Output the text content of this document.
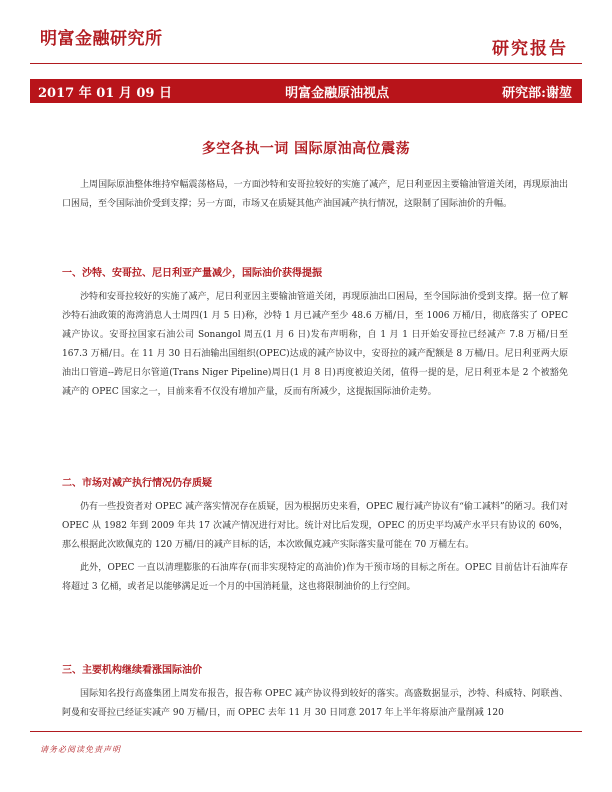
明富金融研究所	研究报告
2017 年 01 月 09 日	明富金融原油视点	研究部:谢堃
多空各执一词 国际原油高位震荡

上周国际原油整体维持窄幅震荡格局，一方面沙特和安哥拉较好的实施了减产，尼日利亚因主要输油管道关闭，再现原油出口困局，至令国际油价受到支撑；另一方面，市场又在质疑其他产油国减产执行情况，这限制了国际油价的升幅。

一、沙特、安哥拉、尼日利亚产量减少，国际油价获得提振

沙特和安哥拉较好的实施了减产，尼日利亚因主要输油管道关闭，再现原油出口困局，至令国际油价受到支撑。据一位了解沙特石油政策的海湾消息人士周四(1 月 5 日)称，沙特 1 月已减产至少 48.6 万桶/日，至 1006 万桶/日，彻底落实了 OPEC 减产协议。安哥拉国家石油公司 Sonangol 周五(1 月 6 日)发布声明称，自 1 月 1 日开始安哥拉已经减产 7.8 万桶/日至 167.3 万桶/日。在 11 月 30 日石油输出国组织(OPEC)达成的减产协议中，安哥拉的减产配额是 8 万桶/日。尼日利亚两大原油出口管道--跨尼日尔管道(Trans Niger Pipeline)周日(1 月 8 日)再度被迫关闭，值得一提的是，尼日利亚本是 2 个被豁免减产的 OPEC 国家之一，目前来看不仅没有增加产量，反而有所减少，这提振国际油价走势。

二、市场对减产执行情况仍存质疑

仍有一些投资者对 OPEC 减产落实情况存在质疑，因为根据历史来看，OPEC 履行减产协议有“偷工减料”的陋习。我们对 OPEC 从 1982 年到 2009 年共 17 次减产情况进行对比。统计对比后发现，OPEC 的历史平均减产水平只有协议的 60%，那么根据此次欧佩克的 120 万桶/日的减产目标的话，本次欧佩克减产实际落实量可能在 70 万桶左右。

此外，OPEC 一直以清理膨胀的石油库存(而非实现特定的高油价)作为干预市场的目标之所在。OPEC 目前估计石油库存将超过 3 亿桶，或者足以能够满足近一个月的中国消耗量，这也将限制油价的上行空间。

三、主要机构继续看涨国际油价

国际知名投行高盛集团上周发布报告，报告称 OPEC 减产协议得到较好的落实。高盛数据显示，沙特、科威特、阿联酋、阿曼和安哥拉已经证实减产 90 万桶/日，而 OPEC 去年 11 月 30 日同意 2017 年上半年将原油产量削减 120

请务必阅读免责声明
